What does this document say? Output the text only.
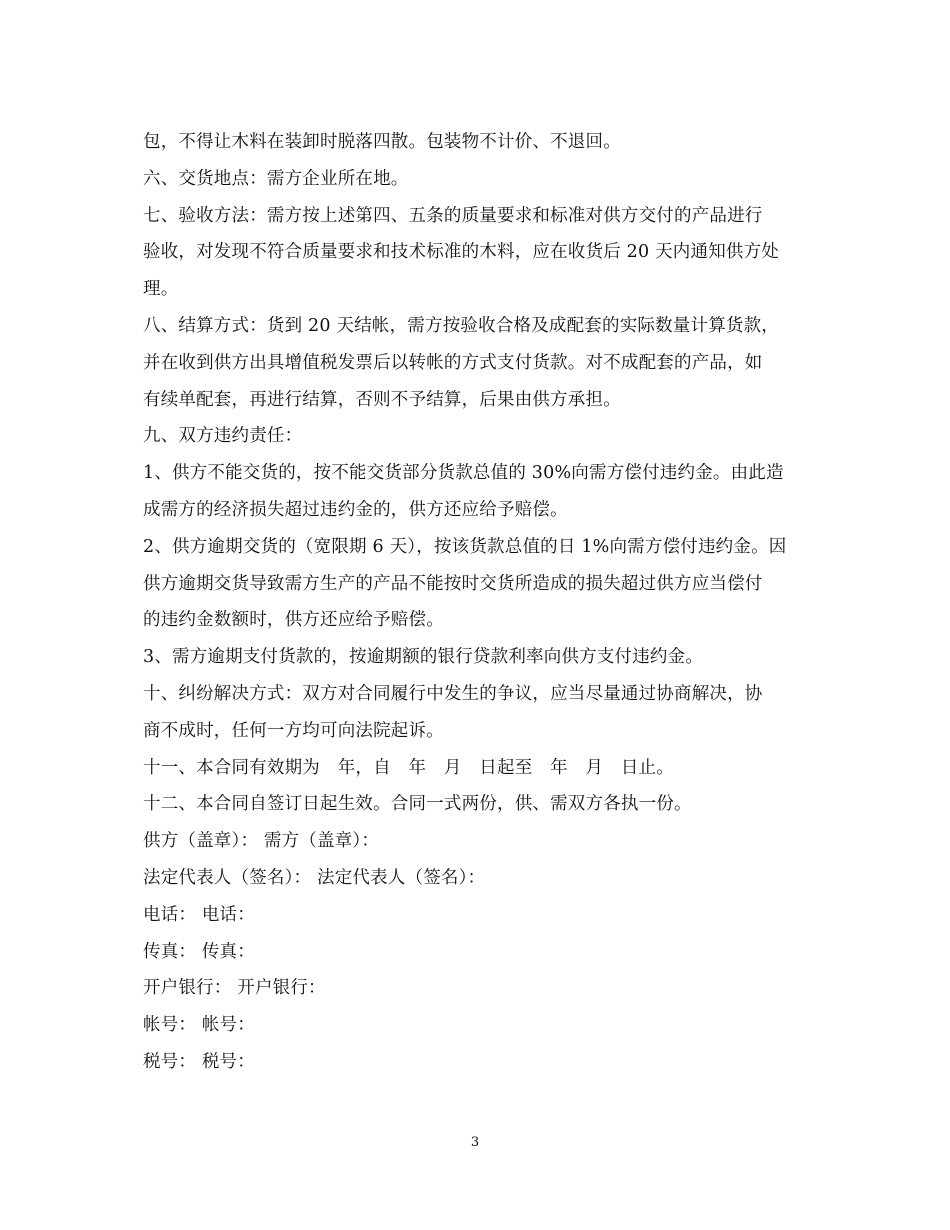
包，不得让木料在装卸时脱落四散。包装物不计价、不退回。
六、交货地点：需方企业所在地。
七、验收方法：需方按上述第四、五条的质量要求和标准对供方交付的产品进行
验收，对发现不符合质量要求和技术标准的木料，应在收货后 20 天内通知供方处
理。
八、结算方式：货到 20 天结帐，需方按验收合格及成配套的实际数量计算货款，
并在收到供方出具增值税发票后以转帐的方式支付货款。对不成配套的产品，如
有续单配套，再进行结算，否则不予结算，后果由供方承担。
九、双方违约责任：
1、供方不能交货的，按不能交货部分货款总值的 30%向需方偿付违约金。由此造
成需方的经济损失超过违约金的，供方还应给予赔偿。
2、供方逾期交货的（宽限期 6 天），按该货款总值的日 1%向需方偿付违约金。因
供方逾期交货导致需方生产的产品不能按时交货所造成的损失超过供方应当偿付
的违约金数额时，供方还应给予赔偿。
3、需方逾期支付货款的，按逾期额的银行贷款利率向供方支付违约金。
十、纠纷解决方式：双方对合同履行中发生的争议，应当尽量通过协商解决，协
商不成时，任何一方均可向法院起诉。
十一、本合同有效期为　年，自　年　月　日起至　年　月　日止。
十二、本合同自签订日起生效。合同一式两份，供、需双方各执一份。
供方（盖章）： 需方（盖章）：
法定代表人（签名）： 法定代表人（签名）：
电话： 电话：
传真： 传真：
开户银行： 开户银行：
帐号： 帐号：
税号： 税号：
3
